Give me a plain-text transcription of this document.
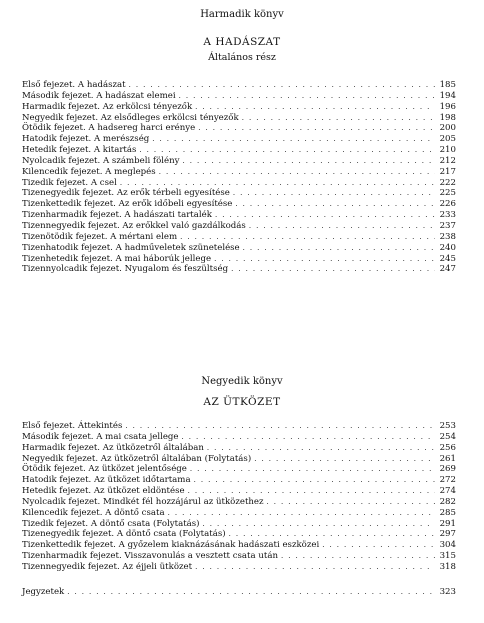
Harmadik könyv
A HADÁSZAT
Általános rész
Első fejezet. A hadászat . . .	185
Második fejezet. A hadászat elemei . . .	194
Harmadik fejezet. Az erkölcsi tényezők . . .	196
Negyedik fejezet. Az elsődleges erkölcsi tényezők . . .	198
Ötödik fejezet. A hadsereg harci erénye . . .	200
Hatodik fejezet. A merészség . . .	205
Hetedik fejezet. A kitartás . . .	210
Nyolcadik fejezet. A számbeli fölény . . .	212
Kilencedik fejezet. A meglepés . . .	217
Tizedik fejezet. A csel . . .	222
Tizenegyedik fejezet. Az erők térbeli egyesítése . . .	225
Tizenkettedik fejezet. Az erők időbeli egyesítése . . .	226
Tizenharmadik fejezet. A hadászati tartalék . . .	233
Tizennegyedik fejezet. Az erőkkel való gazdálkodás . . .	237
Tizenötödik fejezet. A mértani elem . . .	238
Tizenhatodik fejezet. A hadműveletek szünetelése . . .	240
Tizenhetedik fejezet. A mai háborúk jellege . . .	245
Tizennyolcadik fejezet. Nyugalom és feszültség . . .	247
Negyedik könyv
AZ ÜTKÖZET
Első fejezet. Áttekintés . . .	253
Második fejezet. A mai csata jellege . . .	254
Harmadik fejezet. Az ütközetről általában . . .	256
Negyedik fejezet. Az ütközetről általában (Folytatás) . . .	261
Ötödik fejezet. Az ütközet jelentősége . . .	269
Hatodik fejezet. Az ütközet időtartama . . .	272
Hetedik fejezet. Az ütközet eldöntése . . .	274
Nyolcadik fejezet. Mindkét fél hozzájárul az ütközethez . . .	282
Kilencedik fejezet. A döntő csata . . .	285
Tizedik fejezet. A döntő csata (Folytatás) . . .	291
Tizenegyedik fejezet. A döntő csata (Folytatás) . . .	297
Tizenkettedik fejezet. A győzelem kiaknázásának hadászati eszközei . . .	304
Tizenharmadik fejezet. Visszavonulás a vesztett csata után . . .	315
Tizennegyedik fejezet. Az éjjeli ütközet . . .	318
Jegyzetek . . .	323
